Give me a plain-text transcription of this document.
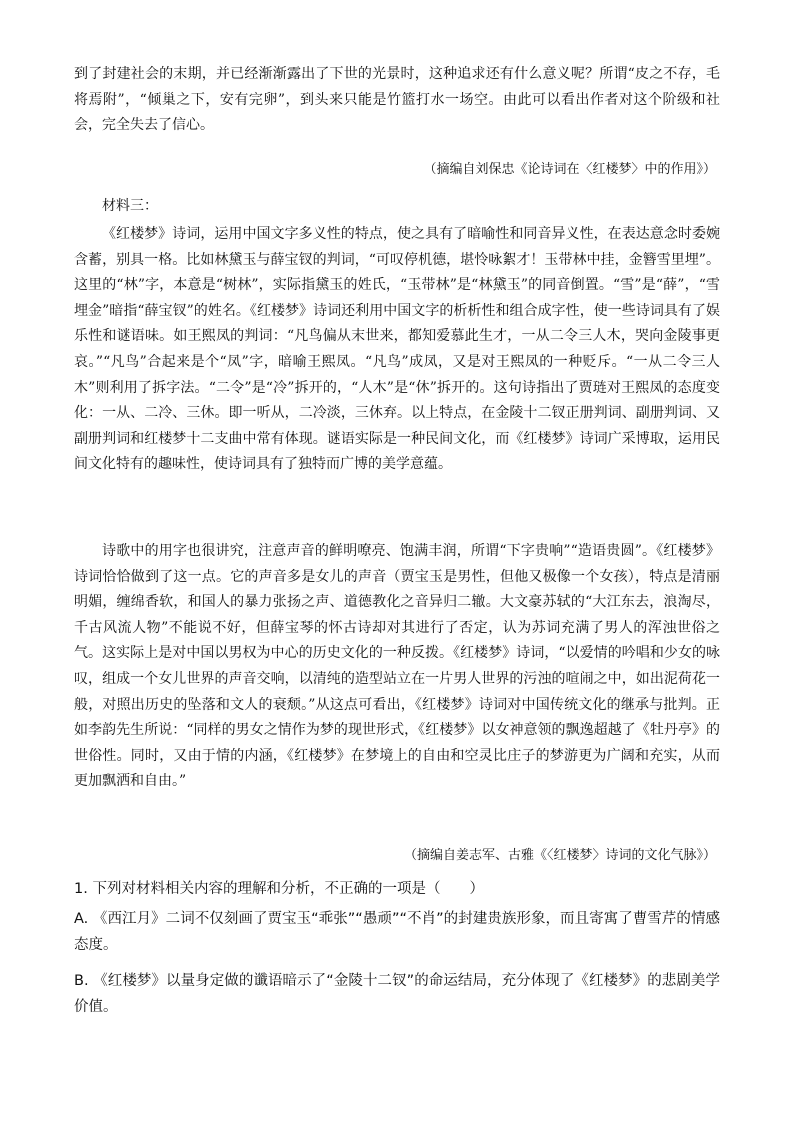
到了封建社会的末期，并已经渐渐露出了下世的光景时，这种追求还有什么意义呢？所谓“皮之不存，毛将焉附”，“倾巢之下，安有完卵”，到头来只能是竹篮打水一场空。由此可以看出作者对这个阶级和社会，完全失去了信心。

（摘编自刘保忠《论诗词在〈红楼梦〉中的作用》）

材料三：

《红楼梦》诗词，运用中国文字多义性的特点，使之具有了暗喻性和同音异义性，在表达意念时委婉含蓄，别具一格。比如林黛玉与薛宝钗的判词，“可叹停机德，堪怜咏絮才！玉带林中挂，金簪雪里埋”。这里的“林”字，本意是“树林”，实际指黛玉的姓氏，“玉带林”是“林黛玉”的同音倒置。“雪”是“薛”，“雪埋金”暗指“薛宝钗”的姓名。《红楼梦》诗词还利用中国文字的析析性和组合成字性，使一些诗词具有了娱乐性和谜语味。如王熙凤的判词：“凡鸟偏从末世来，都知爱慕此生才，一从二令三人木，哭向金陵事更哀。”“凡鸟”合起来是个“凤”字，暗喻王熙凤。“凡鸟”成凤，又是对王熙凤的一种贬斥。“一从二令三人木”则利用了拆字法。“二令”是“冷”拆开的，“人木”是“休”拆开的。这句诗指出了贾琏对王熙凤的态度变化：一从、二冷、三休。即一听从，二冷淡，三休弃。以上特点，在金陵十二钗正册判词、副册判词、又副册判词和红楼梦十二支曲中常有体现。谜语实际是一种民间文化，而《红楼梦》诗词广采博取，运用民间文化特有的趣味性，使诗词具有了独特而广博的美学意蕴。

诗歌中的用字也很讲究，注意声音的鲜明嘹亮、饱满丰润，所谓“下字贵响”“造语贵圆”。《红楼梦》诗词恰恰做到了这一点。它的声音多是女儿的声音（贾宝玉是男性，但他又极像一个女孩），特点是清丽明媚，缠绵香软，和国人的暴力张扬之声、道德教化之音异归二辙。大文豪苏轼的“大江东去，浪淘尽，千古风流人物”不能说不好，但薛宝琴的怀古诗却对其进行了否定，认为苏词充满了男人的浑浊世俗之气。这实际上是对中国以男权为中心的历史文化的一种反拨。《红楼梦》诗词，“以爱情的吟唱和少女的咏叹，组成一个女儿世界的声音交响，以清纯的造型站立在一片男人世界的污浊的喧闹之中，如出泥荷花一般，对照出历史的坠落和文人的衰颓。”从这点可看出，《红楼梦》诗词对中国传统文化的继承与批判。正如李韵先生所说：“同样的男女之情作为梦的现世形式，《红楼梦》以女神意领的飘逸超越了《牡丹亭》的世俗性。同时，又由于情的内涵，《红楼梦》在梦境上的自由和空灵比庄子的梦游更为广阔和充实，从而更加飘洒和自由。”

（摘编自姜志军、古雅《〈红楼梦〉诗词的文化气脉》）

1. 下列对材料相关内容的理解和分析，不正确的一项是（　　）

A. 《西江月》二词不仅刻画了贾宝玉“乖张”“愚顽”“不肖”的封建贵族形象，而且寄寓了曹雪芹的情感态度。

B. 《红楼梦》以量身定做的谶语暗示了“金陵十二钗”的命运结局，充分体现了《红楼梦》的悲剧美学价值。
